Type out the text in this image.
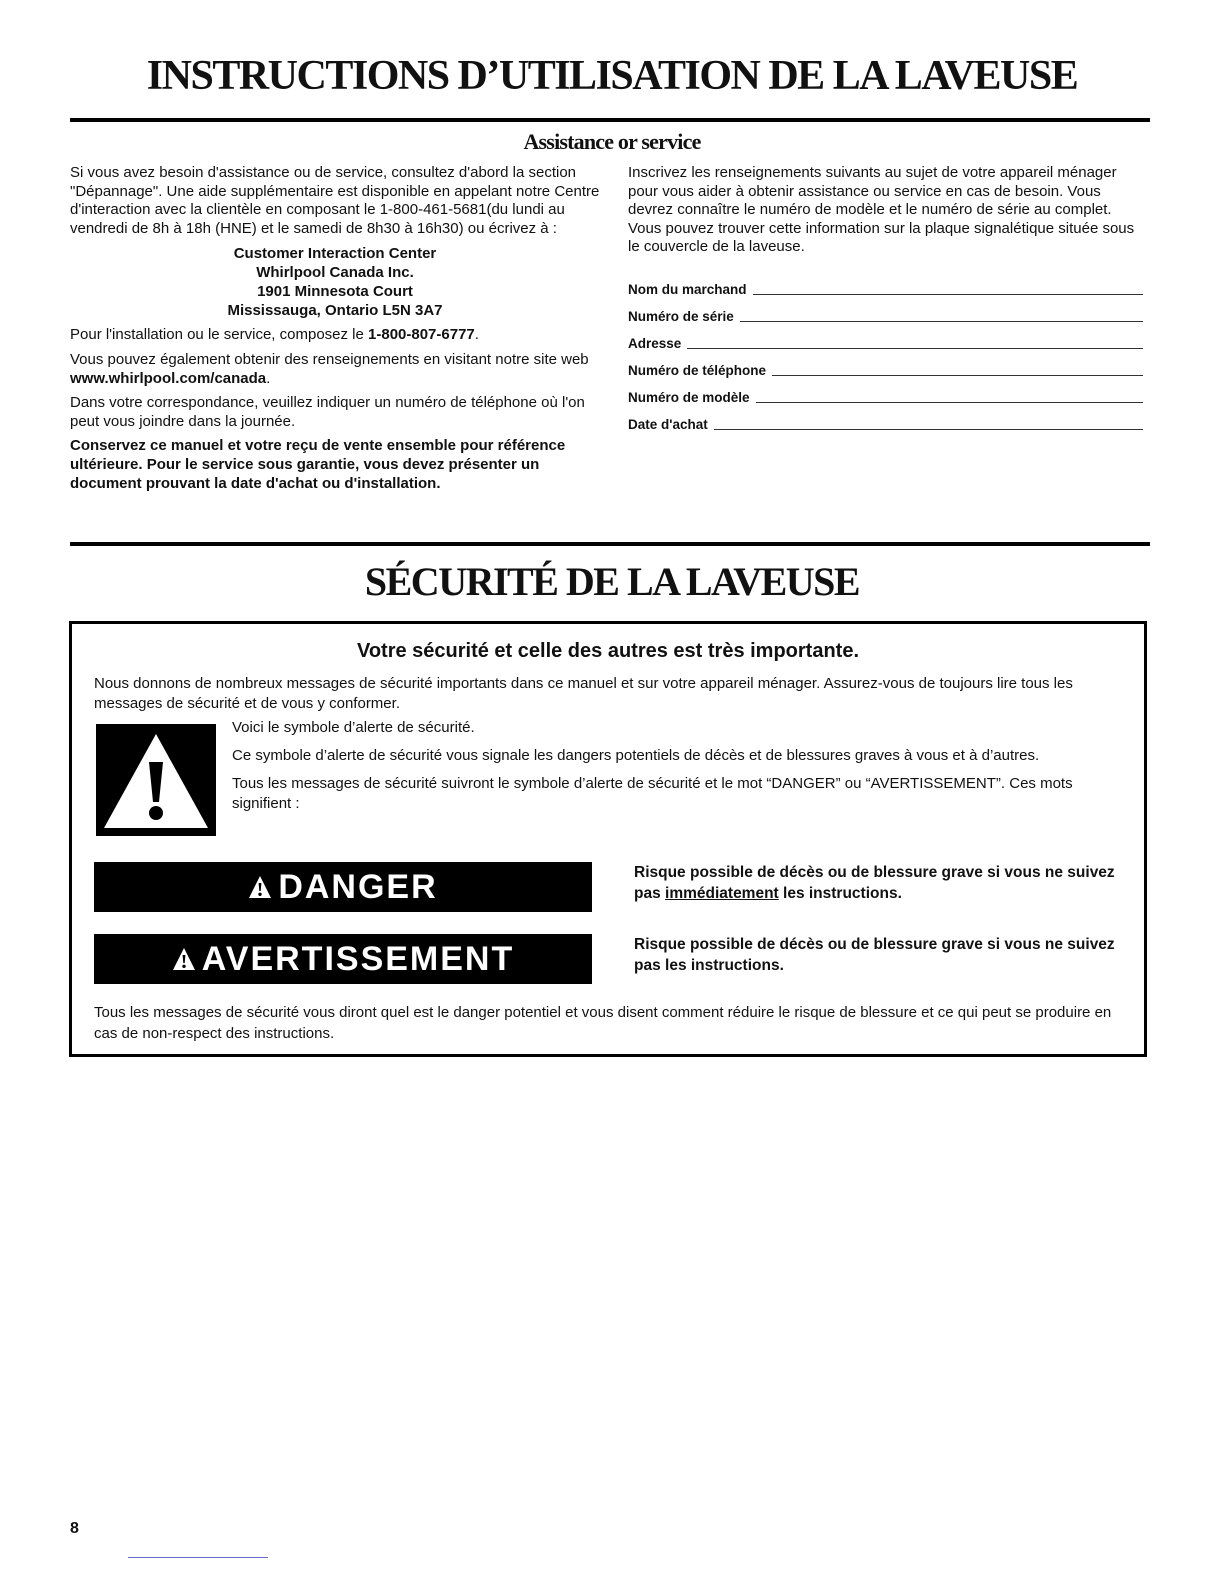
INSTRUCTIONS D’UTILISATION DE LA LAVEUSE
Assistance or service

Si vous avez besoin d'assistance ou de service, consultez d'abord la section "Dépannage". Une aide supplémentaire est disponible en appelant notre Centre d'interaction avec la clientèle en composant le 1-800-461-5681(du lundi au vendredi de 8h à 18h (HNE) et le samedi de 8h30 à 16h30) ou écrivez à :

Customer Interaction Center
Whirlpool Canada Inc.
1901 Minnesota Court
Mississauga, Ontario L5N 3A7

Pour l'installation ou le service, composez le 1-800-807-6777.

Vous pouvez également obtenir des renseignements en visitant notre site web www.whirlpool.com/canada.

Dans votre correspondance, veuillez indiquer un numéro de téléphone où l'on peut vous joindre dans la journée.

Conservez ce manuel et votre reçu de vente ensemble pour référence ultérieure. Pour le service sous garantie, vous devez présenter un document prouvant la date d'achat ou d'installation.

Inscrivez les renseignements suivants au sujet de votre appareil ménager pour vous aider à obtenir assistance ou service en cas de besoin. Vous devrez connaître le numéro de modèle et le numéro de série au complet. Vous pouvez trouver cette information sur la plaque signalétique située sous le couvercle de la laveuse.

Nom du marchand
Numéro de série
Adresse
Numéro de téléphone
Numéro de modèle
Date d'achat
SÉCURITÉ DE LA LAVEUSE
Votre sécurité et celle des autres est très importante.

Nous donnons de nombreux messages de sécurité importants dans ce manuel et sur votre appareil ménager. Assurez-vous de toujours lire tous les messages de sécurité et de vous y conformer.

Voici le symbole d’alerte de sécurité.

Ce symbole d’alerte de sécurité vous signale les dangers potentiels de décès et de blessures graves à vous et à d’autres.

Tous les messages de sécurité suivront le symbole d’alerte de sécurité et le mot “DANGER” ou “AVERTISSEMENT”. Ces mots signifient :

DANGER	Risque possible de décès ou de blessure grave si vous ne suivez pas immédiatement les instructions.

AVERTISSEMENT	Risque possible de décès ou de blessure grave si vous ne suivez pas les instructions.

Tous les messages de sécurité vous diront quel est le danger potentiel et vous disent comment réduire le risque de blessure et ce qui peut se produire en cas de non-respect des instructions.

8
